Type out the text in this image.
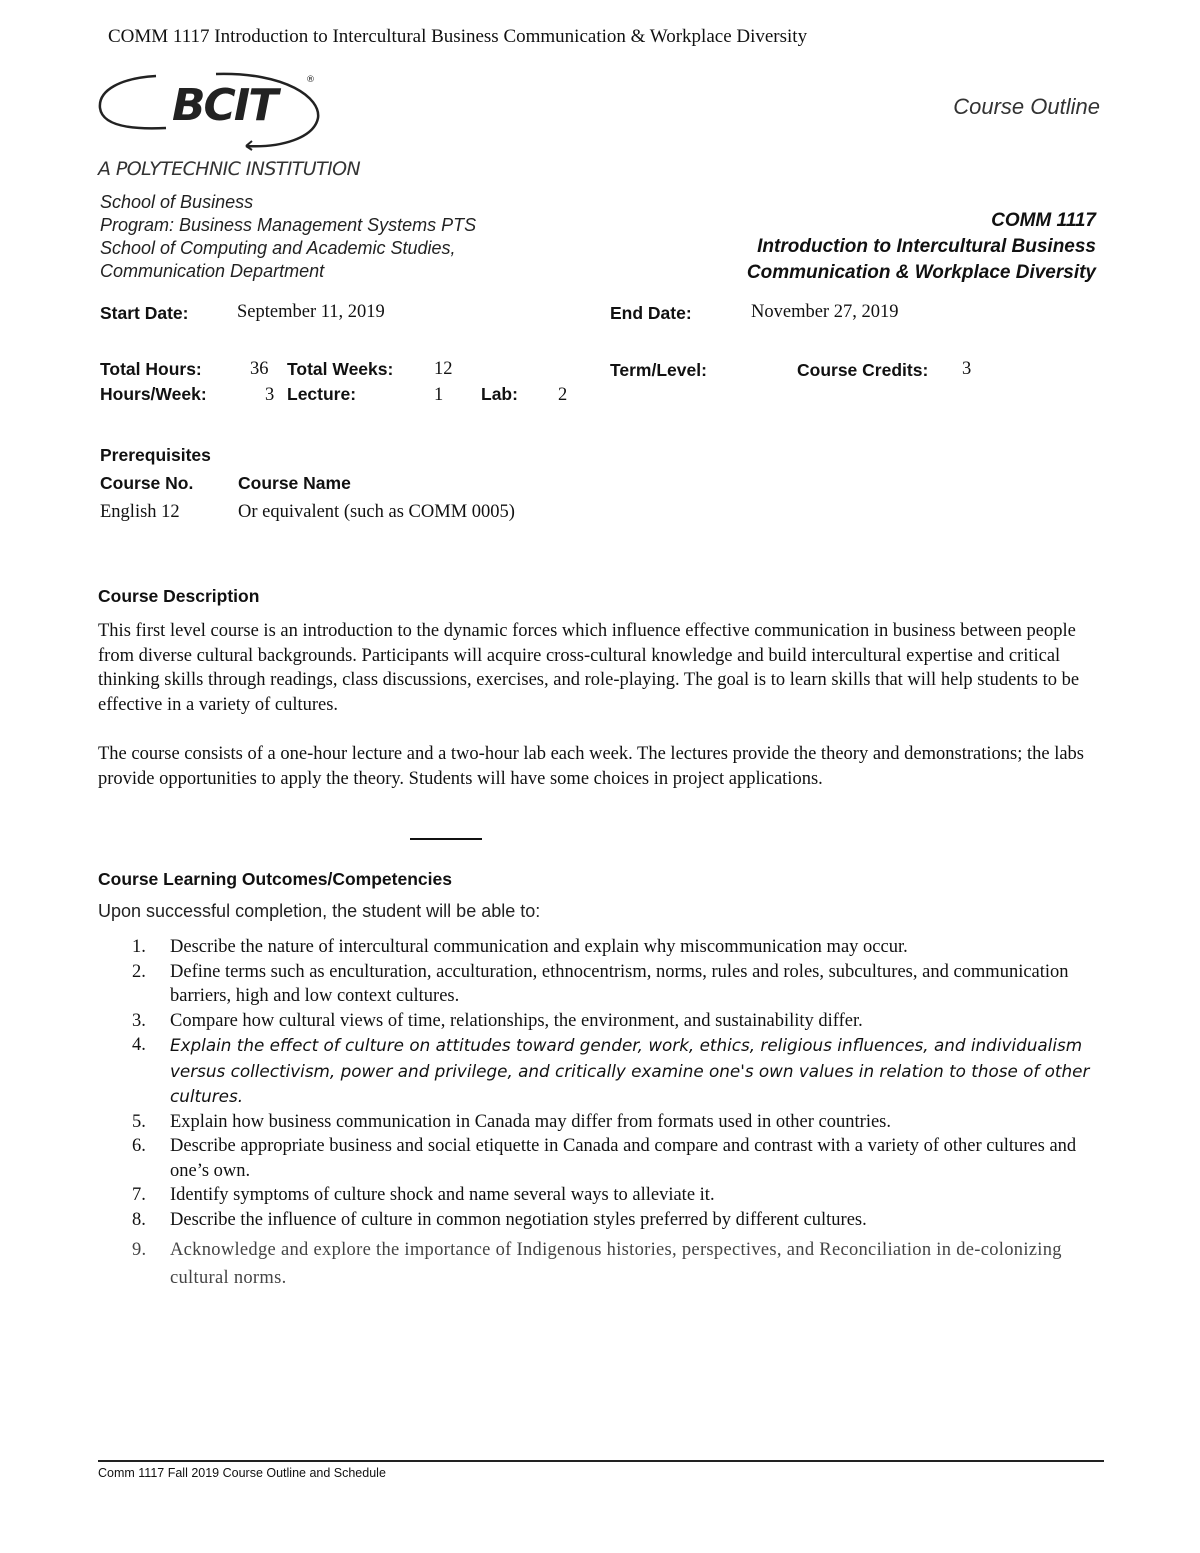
COMM 1117 Introduction to Intercultural Business Communication & Workplace Diversity
BCIT	®
A POLYTECHNIC INSTITUTION
Course Outline
School of Business
Program: Business Management Systems PTS
School of Computing and Academic Studies,
Communication Department
COMM 1117
Introduction to Intercultural Business
Communication & Workplace Diversity
Start Date:	September 11, 2019	End Date:	November 27, 2019
Total Hours:	36 Total Weeks: 12	Term/Level:	Course Credits: 3
Hours/Week:	3 Lecture:	1 Lab: 2
Prerequisites
Course No.	Course Name
English 12	Or equivalent (such as COMM 0005)
Course Description
This first level course is an introduction to the dynamic forces which influence effective communication in business between people from diverse cultural backgrounds. Participants will acquire cross-cultural knowledge and build intercultural expertise and critical thinking skills through readings, class discussions, exercises, and role-playing. The goal is to learn skills that will help students to be effective in a variety of cultures.
The course consists of a one-hour lecture and a two-hour lab each week. The lectures provide the theory and demonstrations; the labs provide opportunities to apply the theory. Students will have some choices in project applications.
Course Learning Outcomes/Competencies
Upon successful completion, the student will be able to:
1. Describe the nature of intercultural communication and explain why miscommunication may occur.
2. Define terms such as enculturation, acculturation, ethnocentrism, norms, rules and roles, subcultures, and communication barriers, high and low context cultures.
3. Compare how cultural views of time, relationships, the environment, and sustainability differ.
4. Explain the effect of culture on attitudes toward gender, work, ethics, religious influences, and individualism versus collectivism, power and privilege, and critically examine one's own values in relation to those of other cultures.
5. Explain how business communication in Canada may differ from formats used in other countries.
6. Describe appropriate business and social etiquette in Canada and compare and contrast with a variety of other cultures and one’s own.
7. Identify symptoms of culture shock and name several ways to alleviate it.
8. Describe the influence of culture in common negotiation styles preferred by different cultures.
9. Acknowledge and explore the importance of Indigenous histories, perspectives, and Reconciliation in de-colonizing cultural norms.
Comm 1117 Fall 2019 Course Outline and Schedule
